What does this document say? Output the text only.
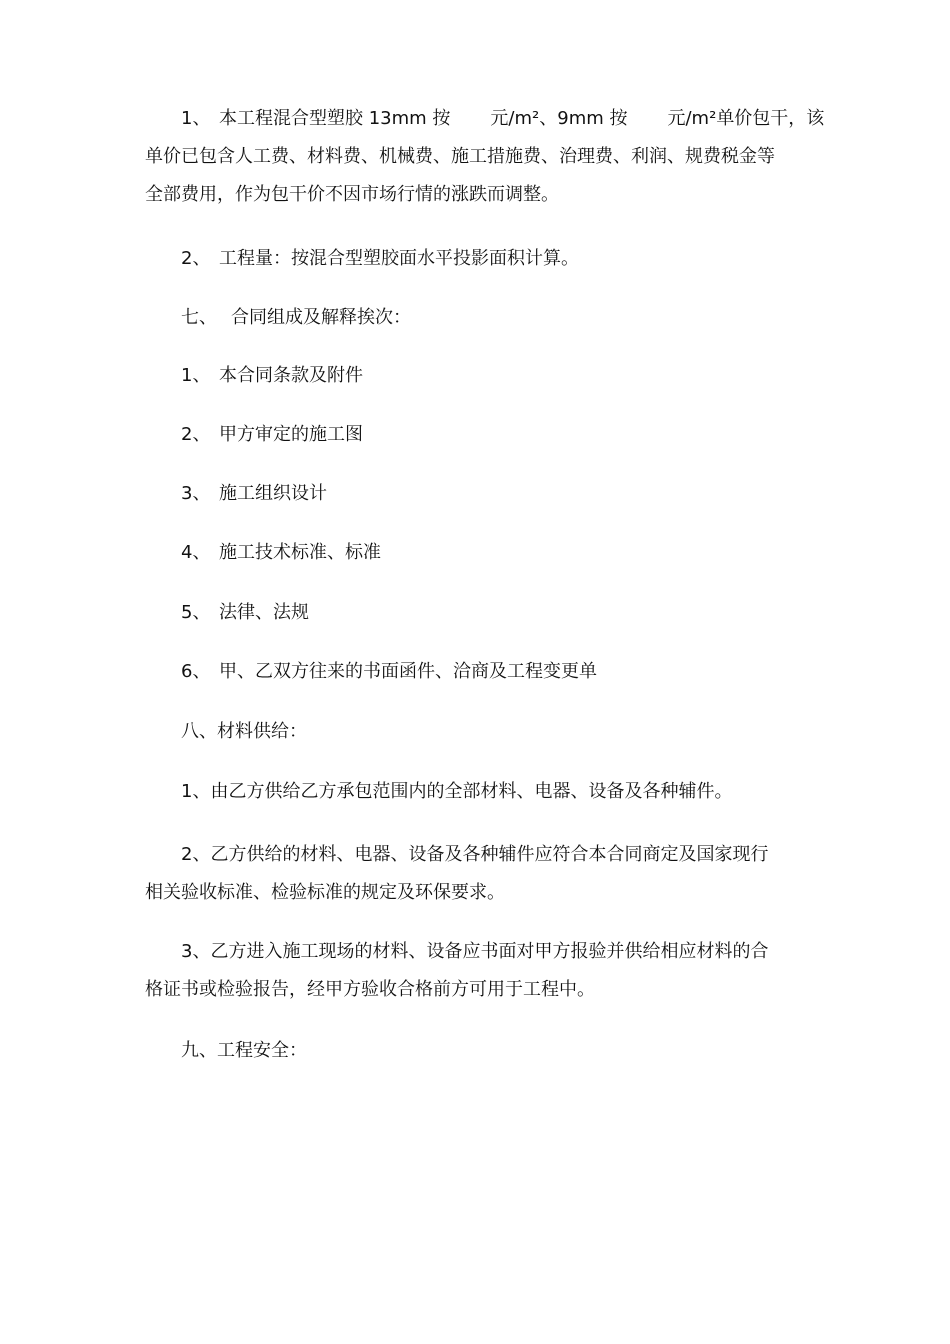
1、 本工程混合型塑胶 13mm 按 元/m²、9mm 按 元/m²单价包干，该
单价已包含人工费、材料费、机械费、施工措施费、治理费、利润、规费税金等
全部费用，作为包干价不因市场行情的涨跌而调整。
2、 工程量：按混合型塑胶面水平投影面积计算。
七、 合同组成及解释挨次：
1、 本合同条款及附件
2、 甲方审定的施工图
3、 施工组织设计
4、 施工技术标准、标准
5、 法律、法规
6、 甲、乙双方往来的书面函件、洽商及工程变更单
八、材料供给：
1、由乙方供给乙方承包范围内的全部材料、电器、设备及各种辅件。
2、乙方供给的材料、电器、设备及各种辅件应符合本合同商定及国家现行
相关验收标准、检验标准的规定及环保要求。
3、乙方进入施工现场的材料、设备应书面对甲方报验并供给相应材料的合
格证书或检验报告，经甲方验收合格前方可用于工程中。
九、工程安全：
